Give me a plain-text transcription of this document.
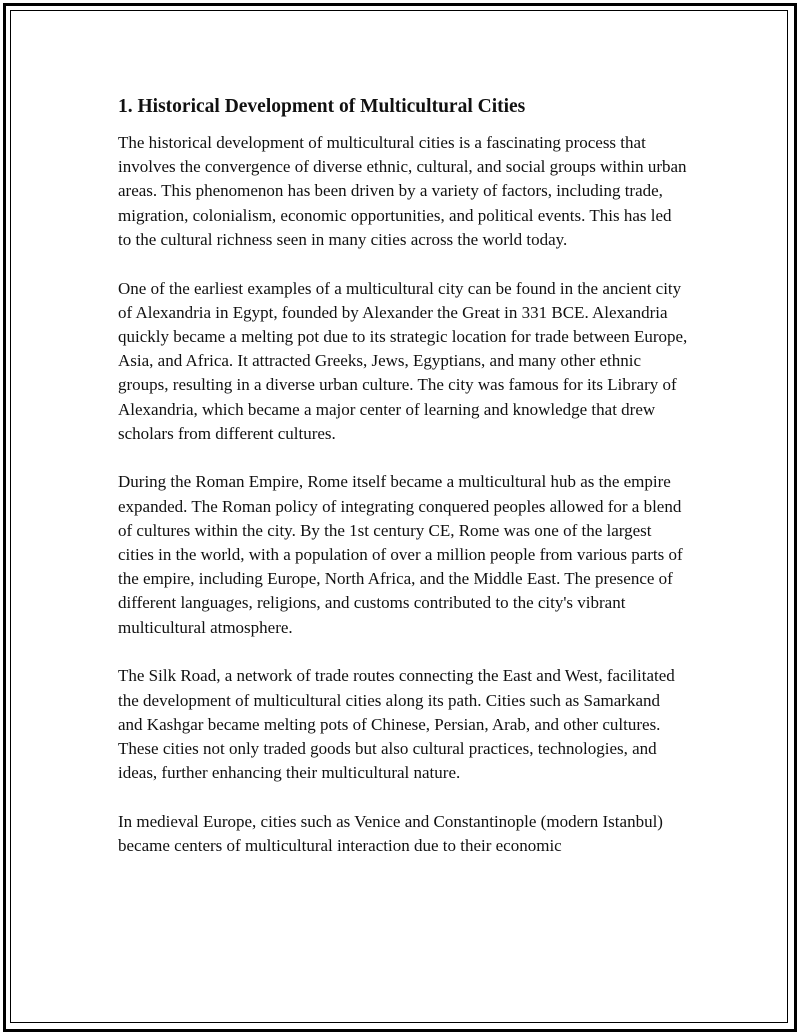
1. Historical Development of Multicultural Cities

The historical development of multicultural cities is a fascinating process that involves the convergence of diverse ethnic, cultural, and social groups within urban areas. This phenomenon has been driven by a variety of factors, including trade, migration, colonialism, economic opportunities, and political events. This has led to the cultural richness seen in many cities across the world today.

One of the earliest examples of a multicultural city can be found in the ancient city of Alexandria in Egypt, founded by Alexander the Great in 331 BCE. Alexandria quickly became a melting pot due to its strategic location for trade between Europe, Asia, and Africa. It attracted Greeks, Jews, Egyptians, and many other ethnic groups, resulting in a diverse urban culture. The city was famous for its Library of Alexandria, which became a major center of learning and knowledge that drew scholars from different cultures.

During the Roman Empire, Rome itself became a multicultural hub as the empire expanded. The Roman policy of integrating conquered peoples allowed for a blend of cultures within the city. By the 1st century CE, Rome was one of the largest cities in the world, with a population of over a million people from various parts of the empire, including Europe, North Africa, and the Middle East. The presence of different languages, religions, and customs contributed to the city's vibrant multicultural atmosphere.

The Silk Road, a network of trade routes connecting the East and West, facilitated the development of multicultural cities along its path. Cities such as Samarkand and Kashgar became melting pots of Chinese, Persian, Arab, and other cultures. These cities not only traded goods but also cultural practices, technologies, and ideas, further enhancing their multicultural nature.

In medieval Europe, cities such as Venice and Constantinople (modern Istanbul) became centers of multicultural interaction due to their economic
